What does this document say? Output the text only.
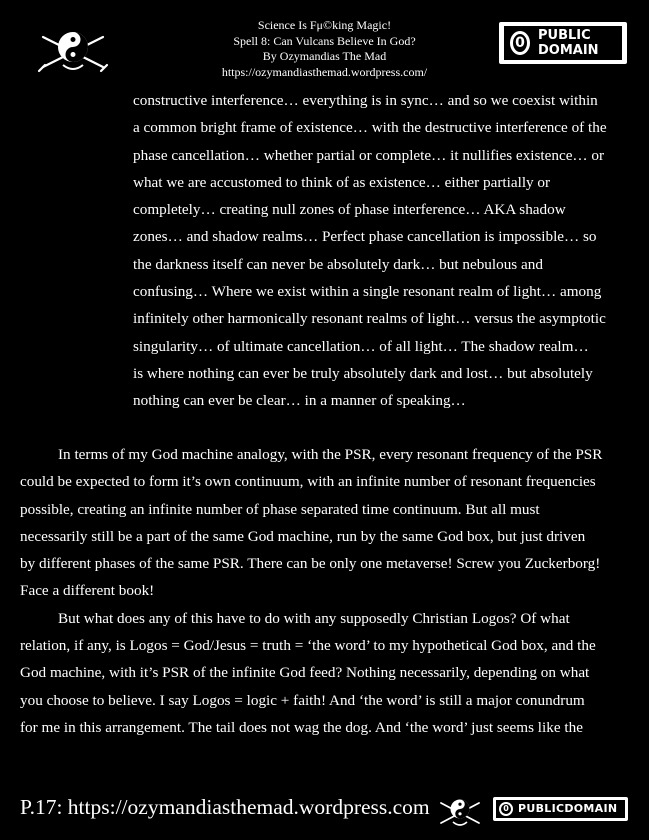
Science Is Fμ©king Magic!
Spell 8: Can Vulcans Believe In God?
By Ozymandias The Mad
https://ozymandiasthemad.wordpress.com/
0	PUBLIC
DOMAIN

constructive interference… everything is in sync… and so we coexist within

a common bright frame of existence… with the destructive interference of the

phase cancellation… whether partial or complete… it nullifies existence… or

what we are accustomed to think of as existence… either partially or

completely… creating null zones of phase interference… AKA shadow

zones… and shadow realms… Perfect phase cancellation is impossible… so

the darkness itself can never be absolutely dark… but nebulous and

confusing… Where we exist within a single resonant realm of light… among

infinitely other harmonically resonant realms of light… versus the asymptotic

singularity… of ultimate cancellation… of all light… The shadow realm…

is where nothing can ever be truly absolutely dark and lost… but absolutely

nothing can ever be clear… in a manner of speaking…

In terms of my God machine analogy, with the PSR, every resonant frequency of the PSR

could be expected to form it’s own continuum, with an infinite number of resonant frequencies

possible, creating an infinite number of phase separated time continuum. But all must

necessarily still be a part of the same God machine, run by the same God box, but just driven

by different phases of the same PSR. There can be only one metaverse! Screw you Zuckerborg!

Face a different book!

But what does any of this have to do with any supposedly Christian Logos? Of what

relation, if any, is Logos = God/Jesus = truth = ‘the word’ to my hypothetical God box, and the

God machine, with it’s PSR of the infinite God feed? Nothing necessarily, depending on what

you choose to believe. I say Logos = logic + faith! And ‘the word’ is still a major conundrum

for me in this arrangement. The tail does not wag the dog. And ‘the word’ just seems like the

P.17: https://ozymandiasthemad.wordpress.com	0 PUBLICDOMAIN
